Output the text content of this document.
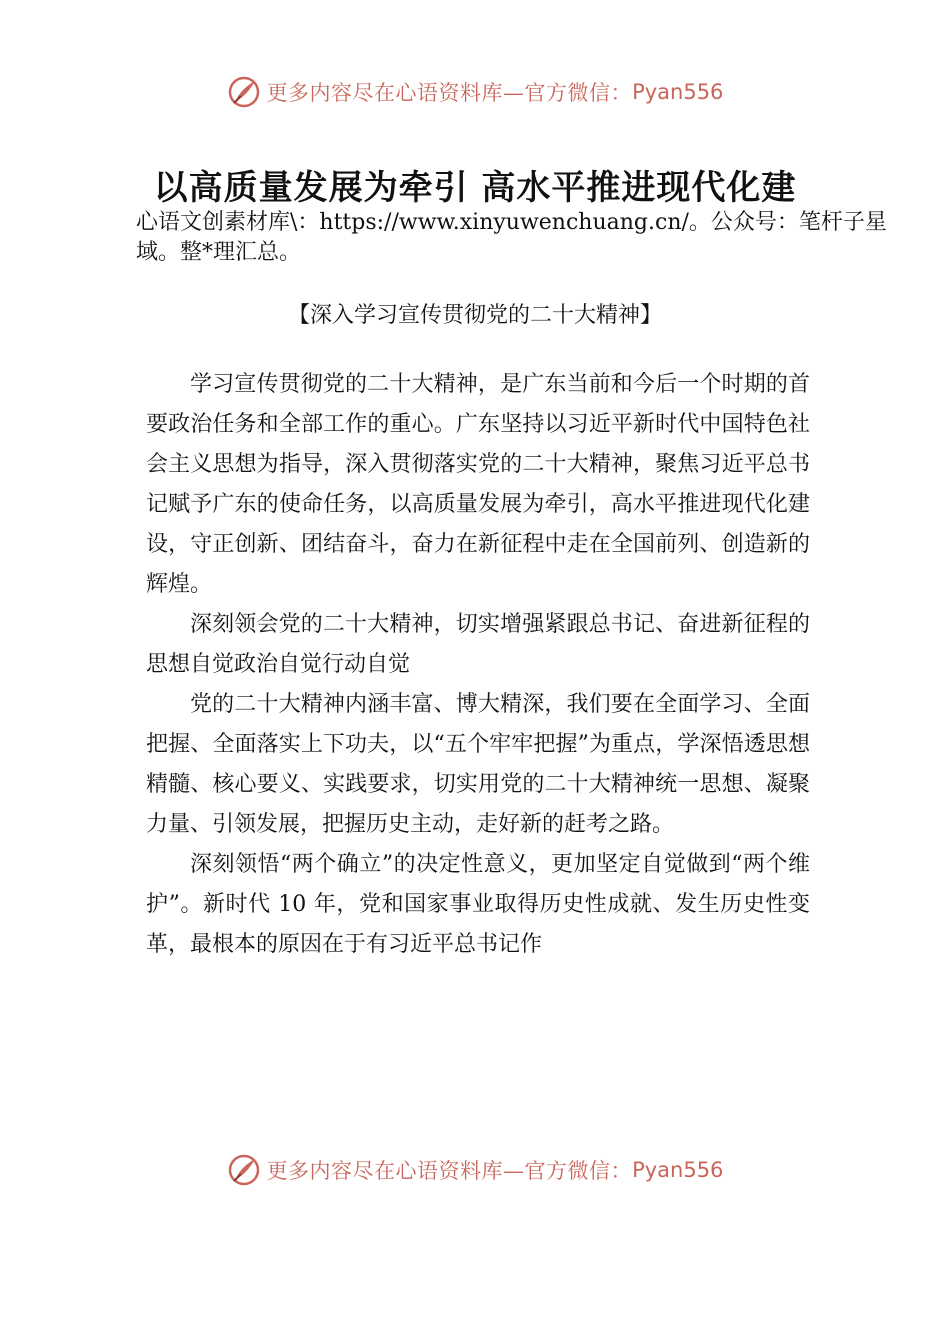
更多内容尽在心语资料库—官方微信： Pyan556
以高质量发展为牵引 高水平推进现代化建

心语文创素材库\：https://www.xinyuwenchuang.cn/。公众号：笔杆子星域。整*理汇总。

【深入学习宣传贯彻党的二十大精神】

学习宣传贯彻党的二十大精神，是广东当前和今后一个时期的首要政治任务和全部工作的重心。广东坚持以习近平新时代中国特色社会主义思想为指导，深入贯彻落实党的二十大精神，聚焦习近平总书记赋予广东的使命任务，以高质量发展为牵引，高水平推进现代化建设，守正创新、团结奋斗，奋力在新征程中走在全国前列、创造新的辉煌。

深刻领会党的二十大精神，切实增强紧跟总书记、奋进新征程的思想自觉政治自觉行动自觉

党的二十大精神内涵丰富、博大精深，我们要在全面学习、全面把握、全面落实上下功夫，以“五个牢牢把握”为重点，学深悟透思想精髓、核心要义、实践要求，切实用党的二十大精神统一思想、凝聚力量、引领发展，把握历史主动，走好新的赶考之路。

深刻领悟“两个确立”的决定性意义，更加坚定自觉做到“两个维护”。新时代 10 年，党和国家事业取得历史性成就、发生历史性变革，最根本的原因在于有习近平总书记作

更多内容尽在心语资料库—官方微信： Pyan556
